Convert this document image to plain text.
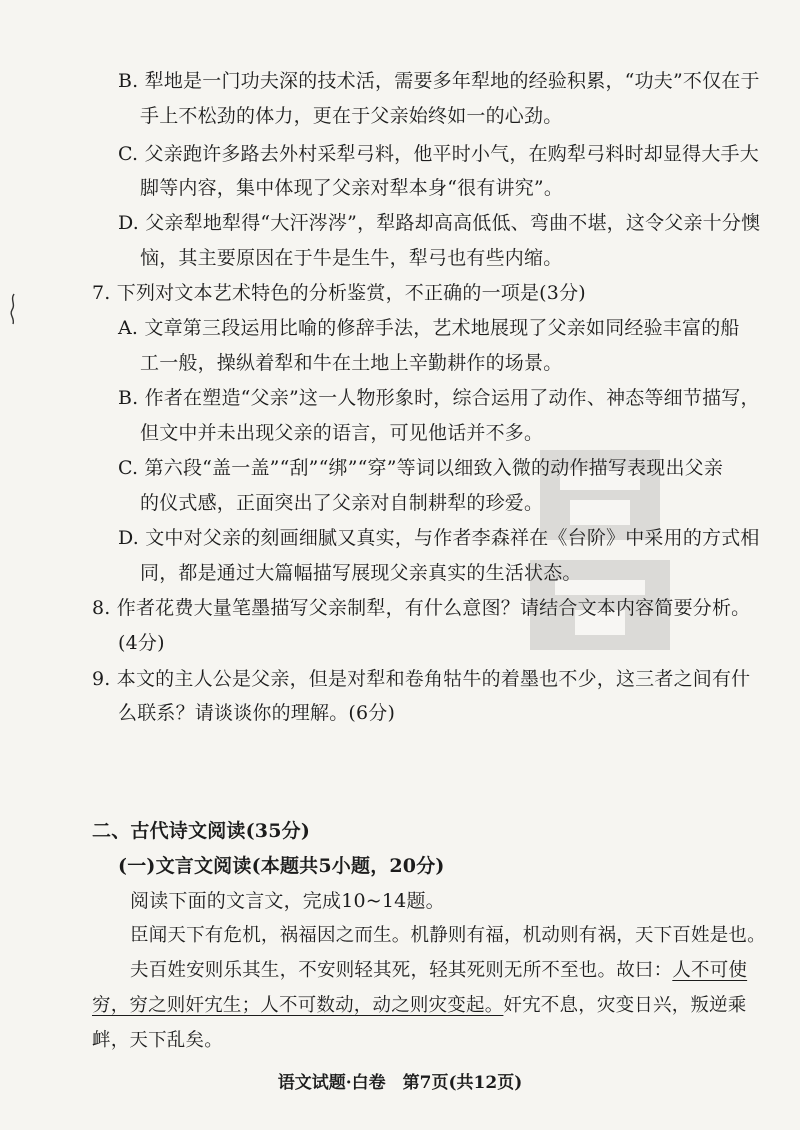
B. 犁地是一门功夫深的技术活，需要多年犁地的经验积累，“功夫”不仅在于
手上不松劲的体力，更在于父亲始终如一的心劲。
C. 父亲跑许多路去外村采犁弓料，他平时小气，在购犁弓料时却显得大手大
脚等内容，集中体现了父亲对犁本身“很有讲究”。
D. 父亲犁地犁得“大汗涔涔”，犁路却高高低低、弯曲不堪，这令父亲十分懊
恼，其主要原因在于牛是生牛，犁弓也有些内缩。
7. 下列对文本艺术特色的分析鉴赏，不正确的一项是(3分)
A. 文章第三段运用比喻的修辞手法，艺术地展现了父亲如同经验丰富的船
工一般，操纵着犁和牛在土地上辛勤耕作的场景。
B. 作者在塑造“父亲”这一人物形象时，综合运用了动作、神态等细节描写，
但文中并未出现父亲的语言，可见他话并不多。
C. 第六段“盖一盖”“刮”“绑”“穿”等词以细致入微的动作描写表现出父亲
的仪式感，正面突出了父亲对自制耕犁的珍爱。
D. 文中对父亲的刻画细腻又真实，与作者李森祥在《台阶》中采用的方式相
同，都是通过大篇幅描写展现父亲真实的生活状态。
8. 作者花费大量笔墨描写父亲制犁，有什么意图？请结合文本内容简要分析。
(4分)
9. 本文的主人公是父亲，但是对犁和卷角牯牛的着墨也不少，这三者之间有什
么联系？请谈谈你的理解。(6分)
二、古代诗文阅读(35分)
(一)文言文阅读(本题共5小题，20分)
阅读下面的文言文，完成10~14题。
臣闻天下有危机，祸福因之而生。机静则有福，机动则有祸，天下百姓是也。
夫百姓安则乐其生，不安则轻其死，轻其死则无所不至也。故曰：人不可使
穷，穷之则奸宄生；人不可数动，动之则灾变起。奸宄不息，灾变日兴，叛逆乘
衅，天下乱矣。
语文试题·白卷　第7页(共12页)
